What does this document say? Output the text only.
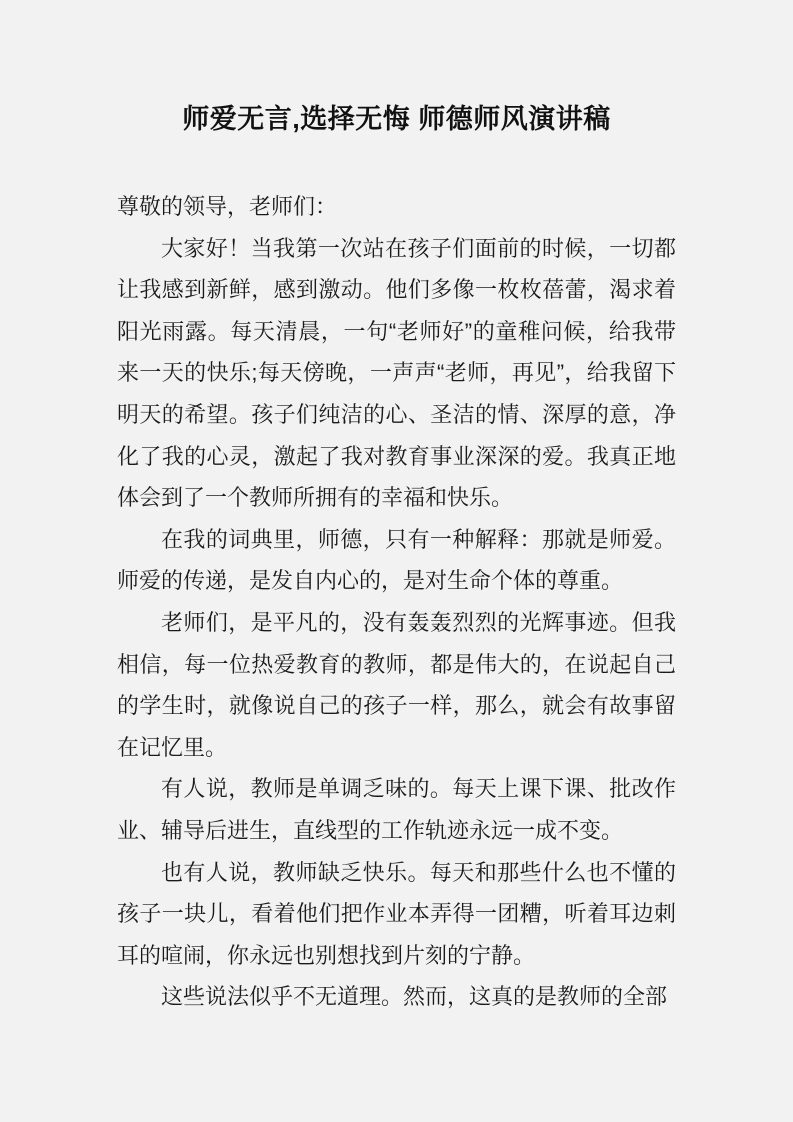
师爱无言,选择无悔 师德师风演讲稿

尊敬的领导，老师们：

大家好！当我第一次站在孩子们面前的时候，一切都让我感到新鲜，感到激动。他们多像一枚枚蓓蕾，渴求着阳光雨露。每天清晨，一句“老师好”的童稚问候，给我带来一天的快乐;每天傍晚，一声声“老师，再见”，给我留下明天的希望。孩子们纯洁的心、圣洁的情、深厚的意，净化了我的心灵，激起了我对教育事业深深的爱。我真正地体会到了一个教师所拥有的幸福和快乐。

在我的词典里，师德，只有一种解释：那就是师爱。师爱的传递，是发自内心的，是对生命个体的尊重。

老师们，是平凡的，没有轰轰烈烈的光辉事迹。但我相信，每一位热爱教育的教师，都是伟大的，在说起自己的学生时，就像说自己的孩子一样，那么，就会有故事留在记忆里。

有人说，教师是单调乏味的。每天上课下课、批改作业、辅导后进生，直线型的工作轨迹永远一成不变。

也有人说，教师缺乏快乐。每天和那些什么也不懂的孩子一块儿，看着他们把作业本弄得一团糟，听着耳边刺耳的喧闹，你永远也别想找到片刻的宁静。

这些说法似乎不无道理。然而，这真的是教师的全部
